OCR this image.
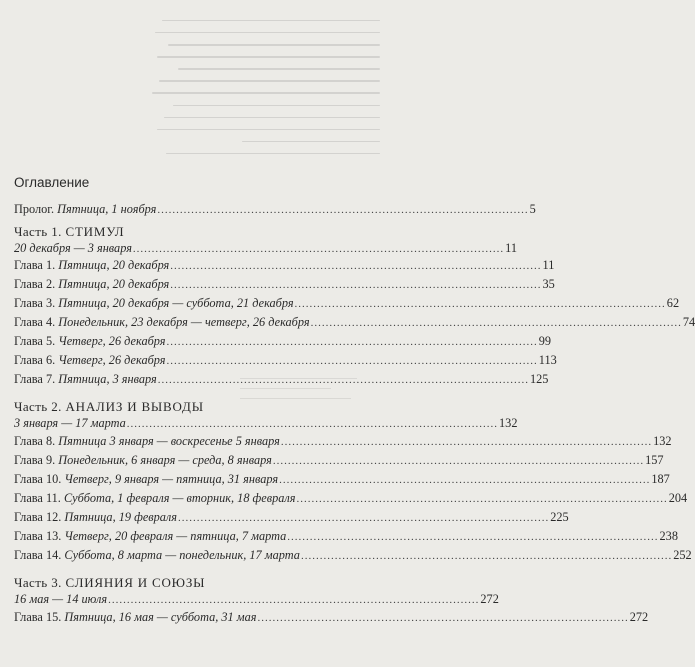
Оглавление
Пролог.
Пятница, 1 ноября ................................................................................................... 5
Часть 1. СТИМУЛ
20 декабря — 3 января ................................................................................................... 11
Глава 1.
Пятница, 20 декабря ................................................................................................... 11
Глава 2.
Пятница, 20 декабря ................................................................................................... 35
Глава 3.
Пятница, 20 декабря — суббота, 21 декабря ................................................................................................... 62
Глава 4.
Понедельник, 23 декабря — четверг, 26 декабря ................................................................................................... 74
Глава 5.
Четверг, 26 декабря ................................................................................................... 99
Глава 6.
Четверг, 26 декабря ................................................................................................... 113
Глава 7.
Пятница, 3 января ................................................................................................... 125
Часть 2. АНАЛИЗ И ВЫВОДЫ
3 января — 17 марта ................................................................................................... 132
Глава 8.
Пятница 3 января — воскресенье 5 января ................................................................................................... 132
Глава 9.
Понедельник, 6 января — среда, 8 января ................................................................................................... 157
Глава 10.
Четверг, 9 января — пятница, 31 января ................................................................................................... 187
Глава 11.
Суббота, 1 февраля — вторник, 18 февраля ................................................................................................... 204
Глава 12.
Пятница, 19 февраля ................................................................................................... 225
Глава 13.
Четверг, 20 февраля — пятница, 7 марта ................................................................................................... 238
Глава 14.
Суббота, 8 марта — понедельник, 17 марта ................................................................................................... 252
Часть 3. СЛИЯНИЯ И СОЮЗЫ
16 мая — 14 июля ................................................................................................... 272
Глава 15.
Пятница, 16 мая — суббота, 31 мая ................................................................................................... 272
